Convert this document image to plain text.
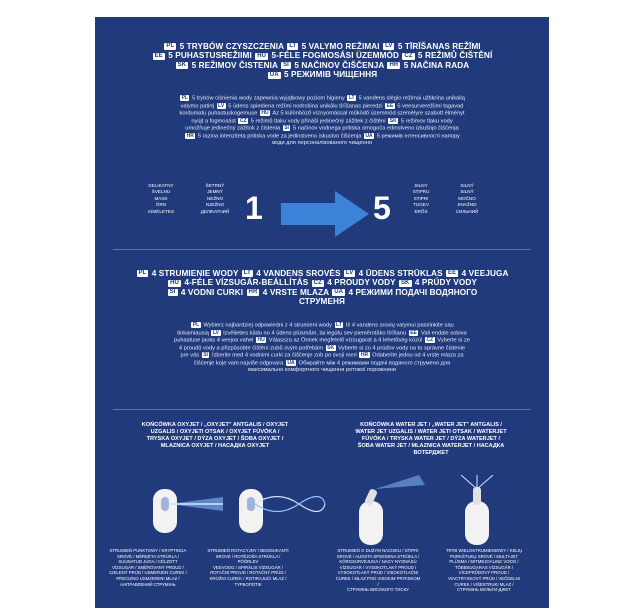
PL 5 TRYBÓW CZYSZCZENIA LT 5 VALYMO REŽIMAI LV 5 TĪRĪŠANAS REŽĪMI
EE 5 PUHASTUSREŽIIMI HU 5-FÉLE FOGMOSÁSI ÜZEMMÓD CZ 5 REŽIMŮ ČIŠTĚNÍ
SK 5 REŽIMOV ČISTENIA SI 5 NAČINOV ČIŠČENJA HR 5 NAČINA RADA
UA 5 РЕЖИМІВ ЧИЩЕННЯ
PL 5 trybów ciśnienia wody zapewnia wyjątkowy poziom higieny LT 5 vandens slėgio režimai užtikrina unikalią
valymo patirtį LV 5 ūdens spiediena režīmi nodrošina unikālu tīrīšanas pieredzi EE 5 veesurverežiimi tagavad
kordumatu puhastuskogemuse HU Az 5 különböző víznyomással működő üzemmód személyre szabott élményt
nyújt a fogmosást CZ 5 režimů tlaku vody přináší jedinečný zážitek z čištění SK 5 režimov tlaku vody
umožňuje jedinečný zážitok z čistenia SI 5 načinov vodnega pritiska omogoča edinstveno izkušnjo čiščenja
HR 5 razina intenziteta pritiska vode za jedinstveno iskustvo čišćenja UA 5 режимів інтенсивності напору
води для персоналізованого чищення
DELIKATNY
ŠVELNU
MAIGI
ÕRN
KÍMÉLETES
ŠETRNÝ
JEMNÝ
NEŽNO
NJEŽNO
ДЕЛІКАТНИЙ 1	5
SILNY
STIPRU
STIPRI
TUGEV
ERŐS
SILNÝ
SILNÝ
MOČNO
SNAŽNO
СИЛЬНИЙ
PL 4 STRUMIENIE WODY LT 4 VANDENS SROVĖS LV 4 ŪDENS STRŪKLAS EE 4 VEEJUGA
HU 4-FÉLE VÍZSUGÁR-BEÁLLÍTÁS CZ 4 PROUDY VODY SK 4 PRÚDY VODY
SI 4 VODNI CURKI HR 4 VRSTE MLAZA UA 4 РЕЖИМИ ПОДАЧІ ВОДЯНОГО
СТРУМЕНЯ
PL Wybierz najbardziej odpowiedni z 4 strumieni wody LT Iš 4 vandens srovių valymui pasirinkite sau
tinkamiausią LV Izvēlieties kādu no 4 ūdens plūsmām, lai iegūtu sev piemērotāko tīrīšanu EE Vali endale sobiva
puhastuse jaoks 4 veejoa vahel HU Válassza az Önnek megfelelő vízsugarat a 4 lehetőség közül CZ Vyberte si ze
4 proudů vody a přizpůsobte čištění zubů svým potřebám SK Vyberte si zo 4 prúdov vody na to správne čistenie
pre vás SI Izberite med 4 vodnimi curki za čiščenje zob po svoji meri HR Odaberite jednu od 4 vrste mlaza za
čišćenje koje vam najviše odgovara UA Обирайте між 4 режимами подачі водяного струменя для
максимально комфортного чищення ротової порожнини
KOŃCÓWKA OXYJET / „OXYJET" ANTGALIS / OXYJET
UZGALIS / OXYJETI OTSAK / OXYJET FÚVÓKA /
TRYSKA OXYJET / DÝZA OXYJET / ŠOBA OXYJET /
MLAZNICA OXYJET / НАСАДКА OXYJET
KOŃCÓWKA WATER JET / „WATER JET" ANTGALIS /
WATER JET UZGALIS / WATER JETI OTSAK / WATERJET
FÚVÓKA / TRYSKA WATER JET / DÝZA WATERJET /
ŠOBA WATER JET / MLAZNICA WATERJET / НАСАДКА
ВОТЕРДЖЕТ
STRUMIEŃ PUNKTOWY / KRYPTINGA
SROVĖ / MĒRĶĒTA STRŪKLA /
SUUNATUD JUGA / CÉLZOTT
VÍZSUGÁR / SMĚROVANÝ PROUD /
CIELENÝ PRÚD / USMERJEN CUREK /
PRECIZNO USMJERENI MLAZ /
НАПРАВЛЕНИЙ СТРУМІНЬ
STRUMIEŃ ROTACYJNY / BESISUKANTI
SROVĖ / ROTĒJOŠA STRŪKLA / PÖÖRLEV
VEEVOOG / SPIRÁLIS VÍZSUGÁR /
ROTAČNÍ PROUD / ROTAČNÝ PRÚD /
KROŽNI CUREK / ROTIRAJUĆI MLAZ /
ТУРБОПОТІК
STRUMIEŃ O DUŻYM NACISKU / STIPRI
SROVĖ / AUGSTA SPIEDIENA STRŪKLA /
KÕRGSURVEJUGA / NAGY NYOMÁSÚ
VÍZSUGÁR / VYSOKOTLAKÝ PROUD /
VYSOKOTLAKÝ PRÚD / VISOKOTLAČNI
CUREK / MLAZ POD VISOKIM PRITISKOM /
СТРУМІНЬ ВИСОКОГО ТИСКУ
TRYB WIELOSTRUMIENIOWY / KELIŲ
PURKŠTUKŲ SROVĖ / MULTI-JET
PLŪSMA / MITMEJOALINE VOOG /
TÖBBSUGARAS VÍZSUGÁR /
VÍCEPRŮDOVÝ PROUD /
VIACTRYSKOVÝ PRÚD / VEČDELNI
CUREK / VIŠESTRUKI MLAZ /
СТРУМІНЬ МУЛЬТИ-ДЖЕТ
